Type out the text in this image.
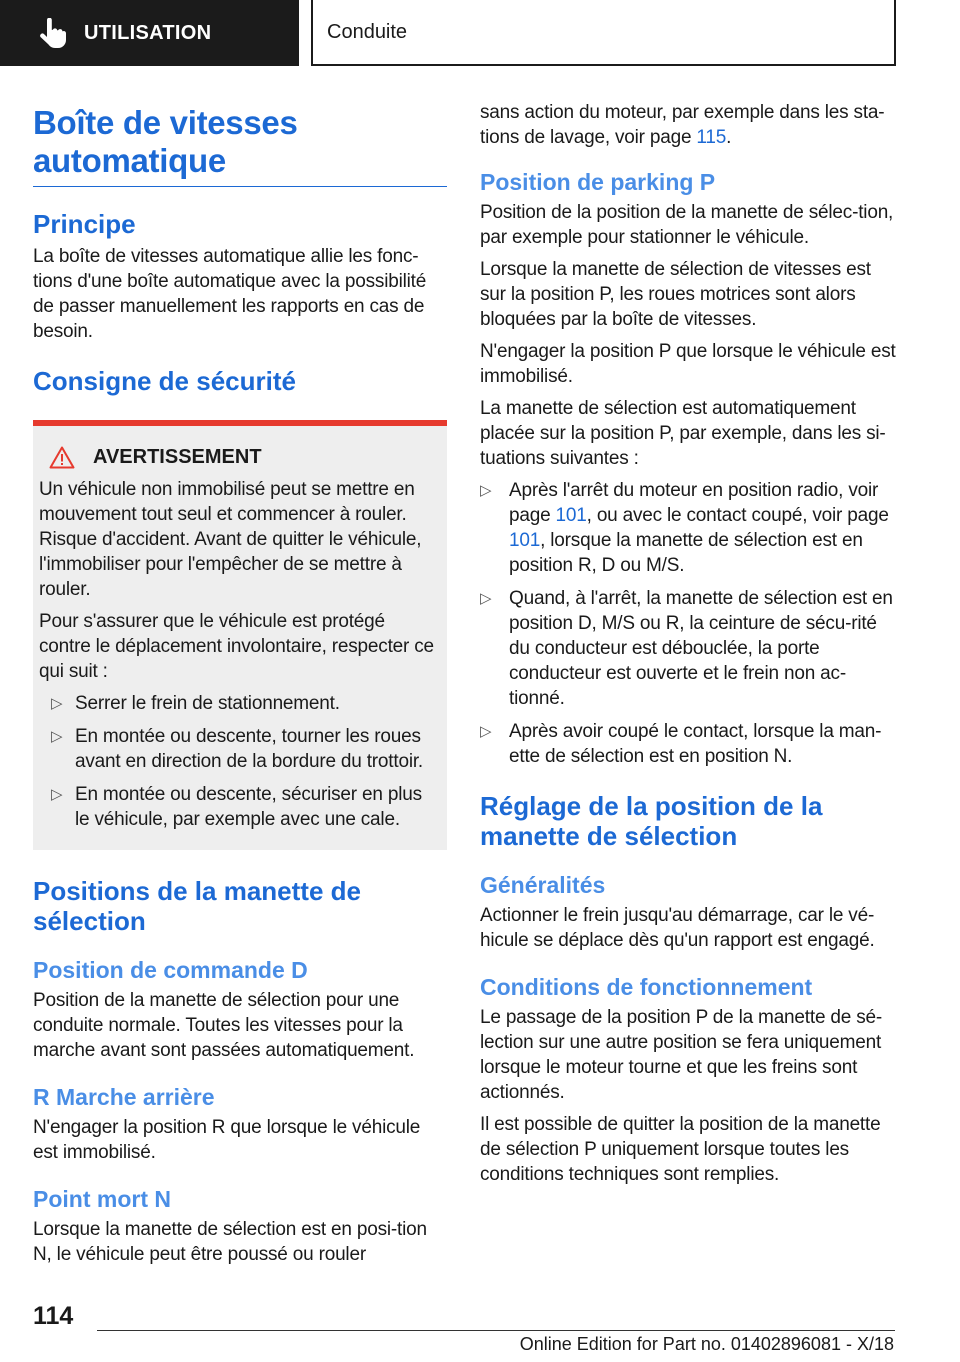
UTILISATION	Conduite
Boîte de vitesses automatique
Principe

La boîte de vitesses automatique allie les fonc-tions d'une boîte automatique avec la possibilité de passer manuellement les rapports en cas de besoin.

Consigne de sécurité
AVERTISSEMENT

Un véhicule non immobilisé peut se mettre en mouvement tout seul et commencer à rouler. Risque d'accident. Avant de quitter le véhicule, l'immobiliser pour l'empêcher de se mettre à rouler.

Pour s'assurer que le véhicule est protégé contre le déplacement involontaire, respecter ce qui suit :

▷ Serrer le frein de stationnement.
▷ En montée ou descente, tourner les roues avant en direction de la bordure du trottoir.
▷ En montée ou descente, sécuriser en plus le véhicule, par exemple avec une cale.
Positions de la manette de sélection
Position de commande D

Position de la manette de sélection pour une conduite normale. Toutes les vitesses pour la marche avant sont passées automatiquement.

R Marche arrière

N'engager la position R que lorsque le véhicule est immobilisé.

Point mort N

Lorsque la manette de sélection est en posi-tion N, le véhicule peut être poussé ou rouler

sans action du moteur, par exemple dans les sta-tions de lavage, voir page 115.

Position de parking P

Position de la position de la manette de sélec-tion, par exemple pour stationner le véhicule.

Lorsque la manette de sélection de vitesses est sur la position P, les roues motrices sont alors bloquées par la boîte de vitesses.

N'engager la position P que lorsque le véhicule est immobilisé.

La manette de sélection est automatiquement placée sur la position P, par exemple, dans les si-tuations suivantes :

▷ Après l'arrêt du moteur en position radio, voir page 101, ou avec le contact coupé, voir page 101, lorsque la manette de sélection est en position R, D ou M/S.
▷ Quand, à l'arrêt, la manette de sélection est en position D, M/S ou R, la ceinture de sécu-rité du conducteur est débouclée, la porte conducteur est ouverte et le frein non ac-tionné.
▷ Après avoir coupé le contact, lorsque la man-ette de sélection est en position N.
Réglage de la position de la manette de sélection
Généralités

Actionner le frein jusqu'au démarrage, car le vé-hicule se déplace dès qu'un rapport est engagé.

Conditions de fonctionnement

Le passage de la position P de la manette de sé-lection sur une autre position se fera uniquement lorsque le moteur tourne et que les freins sont actionnés.

Il est possible de quitter la position de la manette de sélection P uniquement lorsque toutes les conditions techniques sont remplies.

114
Online Edition for Part no. 01402896081 - X/18
